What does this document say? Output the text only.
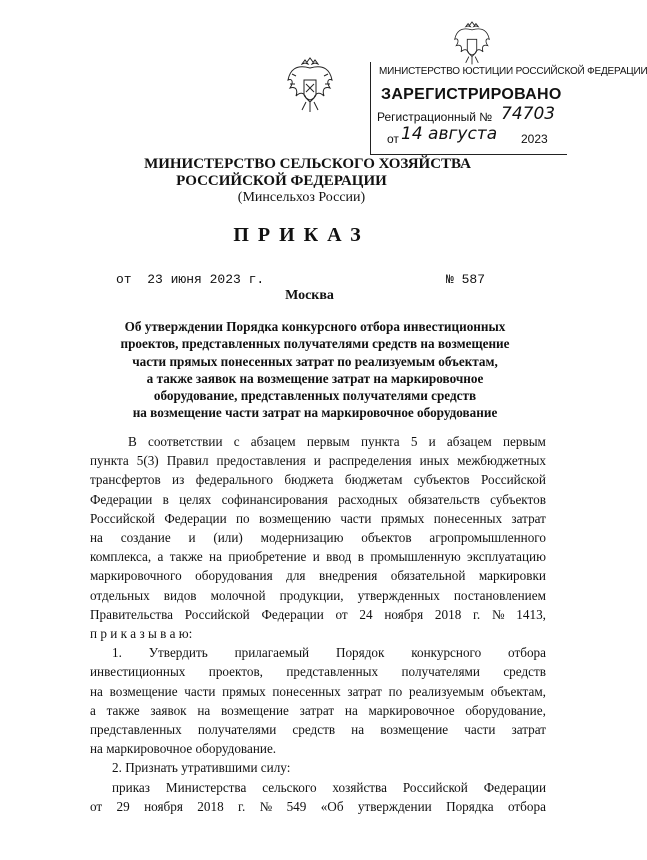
МИНИСТЕРСТВО ЮСТИЦИИ РОССИЙСКОЙ ФЕДЕРАЦИИ
ЗАРЕГИСТРИРОВАНО
Регистрационный № 74703
от 14 августа 2023
МИНИСТЕРСТВО СЕЛЬСКОГО ХОЗЯЙСТВА
РОССИЙСКОЙ ФЕДЕРАЦИИ
(Минсельхоз России)
ПРИКАЗ
от  23 июня 2023 г.	№ 587
Москва
Об утверждении Порядка конкурсного отбора инвестиционных
проектов, представленных получателями средств на возмещение
части прямых понесенных затрат по реализуемым объектам,
а также заявок на возмещение затрат на маркировочное
оборудование, представленных получателями средств
на возмещение части затрат на маркировочное оборудование
В соответствии с абзацем первым пункта 5 и абзацем первым
пункта 5(3) Правил предоставления и распределения иных межбюджетных
трансфертов из федерального бюджета бюджетам субъектов Российской
Федерации в целях софинансирования расходных обязательств субъектов
Российской Федерации по возмещению части прямых понесенных затрат
на создание и (или) модернизацию объектов агропромышленного
комплекса, а также на приобретение и ввод в промышленную эксплуатацию
маркировочного оборудования для внедрения обязательной маркировки
отдельных видов молочной продукции, утвержденных постановлением
Правительства Российской Федерации от 24 ноября 2018 г. № 1413,
п р и к а з ы в а ю:
1. Утвердить прилагаемый Порядок конкурсного отбора
инвестиционных проектов, представленных получателями средств
на возмещение части прямых понесенных затрат по реализуемым объектам,
а также заявок на возмещение затрат на маркировочное оборудование,
представленных получателями средств на возмещение части затрат
на маркировочное оборудование.
2. Признать утратившими силу:
приказ Министерства сельского хозяйства Российской Федерации
от 29 ноября 2018 г. № 549 «Об утверждении Порядка отбора
